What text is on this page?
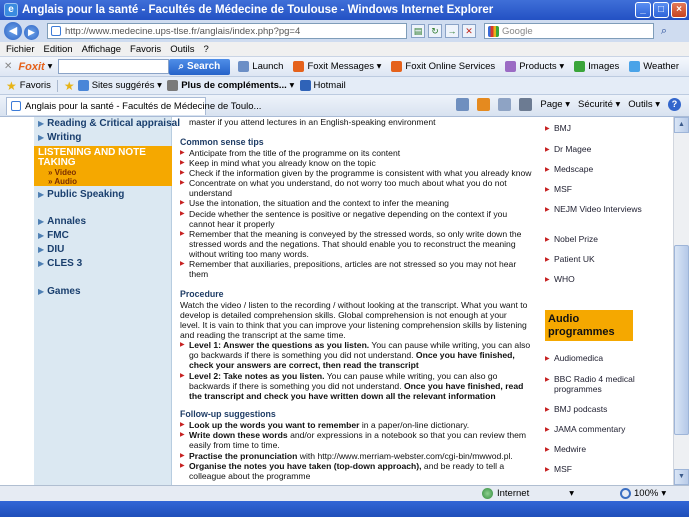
e Anglais pour la santé - Facultés de Médecine de Toulouse - Windows Internet Explorer	_	□	×
◀	▶	http://www.medecine.ups-tlse.fr/anglais/index.php?pg=4	▤ ↻ → ✕	Google	⌕
Fichier Edition Affichage Favoris Outils ?
✕ Foxit ▾	⌕ Search	Launch	Foxit Messages ▾	Foxit Online Services	Products ▾	Images	Weather
★ Favoris ★ Sites suggérés ▾ Plus de compléments... ▾ Hotmail
Anglais pour la santé - Facultés de Médecine de Toulo...	Page ▾ Sécurité ▾ Outils ▾	?
▶ Reading & Critical appraisal
▶ Writing
LISTENING AND NOTE
TAKING
» Video
» Audio
▶ Public Speaking
▶ Annales
▶ FMC
▶ DIU
▶ CLES 3
▶ Games
master if you attend lectures in an English-speaking environment
Common sense tips
▶ Anticipate from the title of the programme on its content
▶ Keep in mind what you already know on the topic
▶ Check if the information given by the programme is consistent with what you already know
▶ Concentrate on what you understand, do not worry too much about what you do not
understand
▶ Use the intonation, the situation and the context to infer the meaning
▶ Decide whether the sentence is positive or negative depending on the context if you
cannot hear it properly
▶ Remember that the meaning is conveyed by the stressed words, so only write down the
stressed words and the negations. That should enable you to reconstruct the meaning
without writing too many words.
▶ Remember that auxiliaries, prepositions, articles are not stressed so you may not hear
them
Procedure
Watch the video / listen to the recording / without looking at the transcript. What you want to
develop is detailed comprehension skills. Global comprehension is not enough at your
level. It is vain to think that you can improve your listening comprehension skills by listening
and reading the transcript at the same time.
▶ Level 1: Answer the questions as you listen. You can pause while writing, you can also
go backwards if there is something you did not understand. Once you have finished,
check your answers are correct, then read the transcript
▶ Level 2: Take notes as you listen. You can pause while writing, you can also go
backwards if there is something you did not understand. Once you have finished, read
the transcript and check you have written down all the relevant information
Follow-up suggestions
▶ Look up the words you want to remember in a paper/on-line dictionary.
▶ Write down these words and/or expressions in a notebook so that you can review them
easily from time to time.
▶ Practise the pronunciation with http://www.merriam-webster.com/cgi-bin/mwwod.pl.
▶ Organise the notes you have taken (top-down approach), and be ready to tell a
colleague about the programme
▶ BMJ
▶ Dr Magee
▶ Medscape
▶ MSF
▶ NEJM Video Interviews
▶ Nobel Prize
▶ Patient UK
▶ WHO
Audio programmes
▶ Audiomedica
▶ BBC Radio 4 medical programmes
▶ BMJ podcasts
▶ JAMA commentary
▶ Medwire
▶ MSF
▲
▼
Internet	▾	100% ▾
